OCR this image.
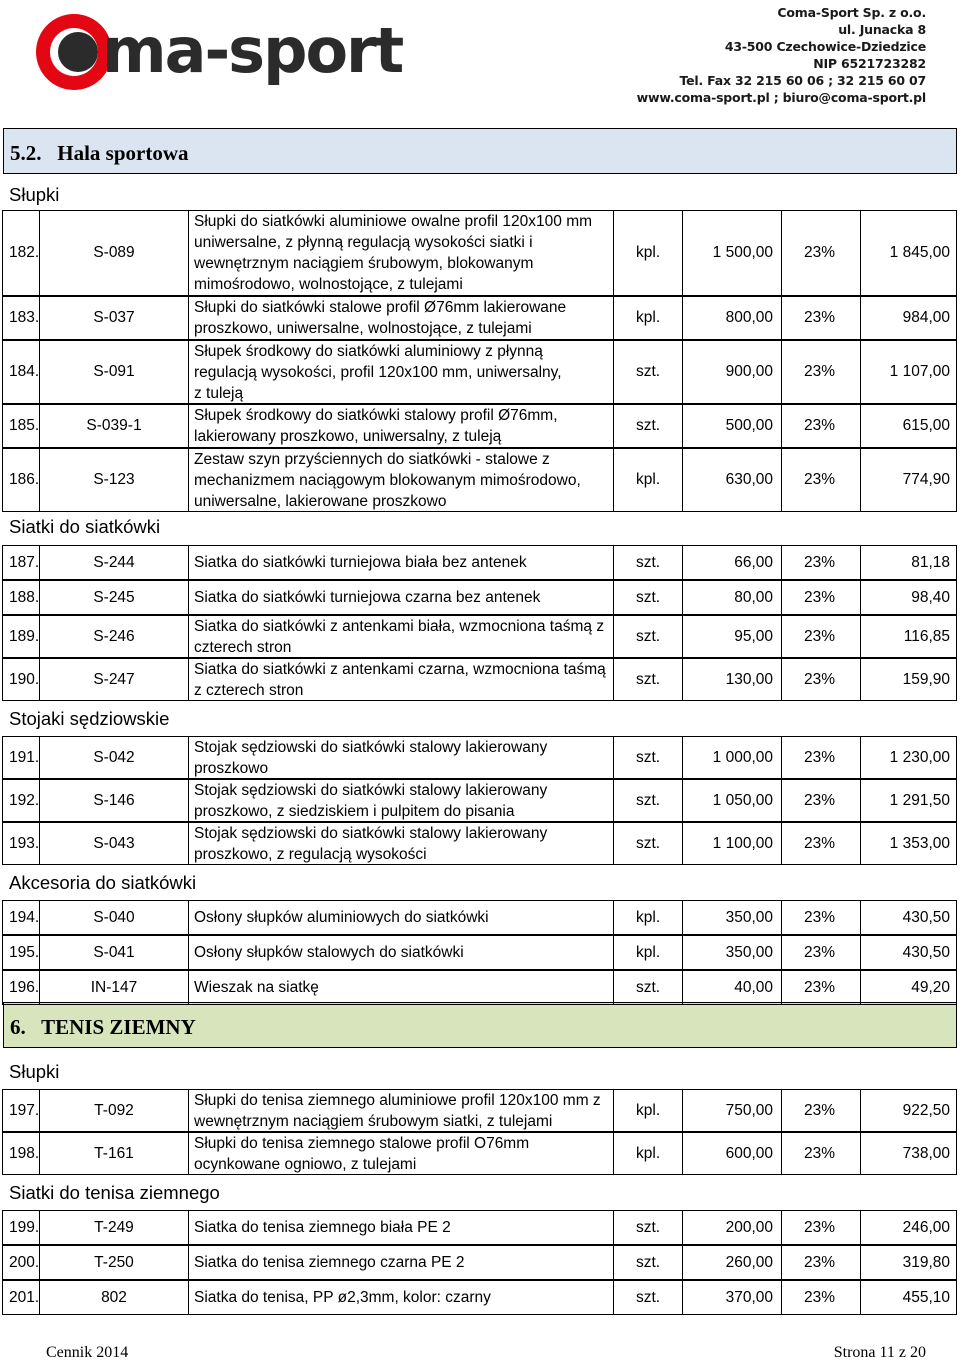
ma-sport
Coma-Sport Sp. z o.o.
ul. Junacka 8
43-500 Czechowice-Dziedzice
NIP 6521723282
Tel. Fax 32 215 60 06 ; 32 215 60 07
www.coma-sport.pl ; biuro@coma-sport.pl
5.2.   Hala sportowa
Słupki
Siatki do siatkówki
Stojaki sędziowskie
Akcesoria do siatkówki
6.   TENIS ZIEMNY
Słupki
Siatki do tenisa ziemnego
182.	S-089
Słupki do siatkówki aluminiowe owalne profil 120x100 mm
uniwersalne, z płynną regulacją wysokości siatki i
wewnętrznym naciągiem śrubowym, blokowanym
mimośrodowo, wolnostojące, z tulejami
kpl.	1 500,00	23%	1 845,00
183.	S-037
Słupki do siatkówki stalowe profil Ø76mm lakierowane
proszkowo, uniwersalne, wolnostojące, z tulejami
kpl.	800,00	23%	984,00
184.	S-091
Słupek środkowy do siatkówki aluminiowy z płynną
regulacją wysokości, profil 120x100 mm, uniwersalny,
z tuleją
szt.	900,00	23%	1 107,00
185.	S-039-1
Słupek środkowy do siatkówki stalowy profil Ø76mm,
lakierowany proszkowo, uniwersalny, z tuleją
szt.	500,00	23%	615,00
186.	S-123
Zestaw szyn przyściennych do siatkówki - stalowe z
mechanizmem naciągowym blokowanym mimośrodowo,
uniwersalne, lakierowane proszkowo
kpl.	630,00	23%	774,90
187.	S-244	Siatka do siatkówki turniejowa biała bez antenek	szt.	66,00	23%	81,18
188.	S-245	Siatka do siatkówki turniejowa czarna bez antenek	szt.	80,00	23%	98,40
189.	S-246
Siatka do siatkówki z antenkami biała, wzmocniona taśmą z
czterech stron
szt.	95,00	23%	116,85
190.	S-247
Siatka do siatkówki z antenkami czarna, wzmocniona taśmą
z czterech stron
szt.	130,00	23%	159,90
191.	S-042
Stojak sędziowski do siatkówki stalowy lakierowany
proszkowo
szt.	1 000,00	23%	1 230,00
192.	S-146
Stojak sędziowski do siatkówki stalowy lakierowany
proszkowo, z siedziskiem i pulpitem do pisania
szt.	1 050,00	23%	1 291,50
193.	S-043
Stojak sędziowski do siatkówki stalowy lakierowany
proszkowo, z regulacją wysokości
szt.	1 100,00	23%	1 353,00
194.	S-040	Osłony słupków aluminiowych do siatkówki	kpl.	350,00	23%	430,50
195.	S-041	Osłony słupków stalowych do siatkówki	kpl.	350,00	23%	430,50
196.	IN-147	Wieszak na siatkę	szt.	40,00	23%	49,20
197.	T-092
Słupki do tenisa ziemnego aluminiowe profil 120x100 mm z
wewnętrznym naciągiem śrubowym siatki, z tulejami
kpl.	750,00	23%	922,50
198.	T-161
Słupki do tenisa ziemnego stalowe profil O76mm
ocynkowane ogniowo, z tulejami
kpl.	600,00	23%	738,00
199.	T-249	Siatka do tenisa ziemnego biała PE 2	szt.	200,00	23%	246,00
200.	T-250	Siatka do tenisa ziemnego czarna PE 2	szt.	260,00	23%	319,80
201.	802	Siatka do tenisa, PP ø2,3mm, kolor: czarny	szt.	370,00	23%	455,10
Cennik 2014	Strona 11 z 20
